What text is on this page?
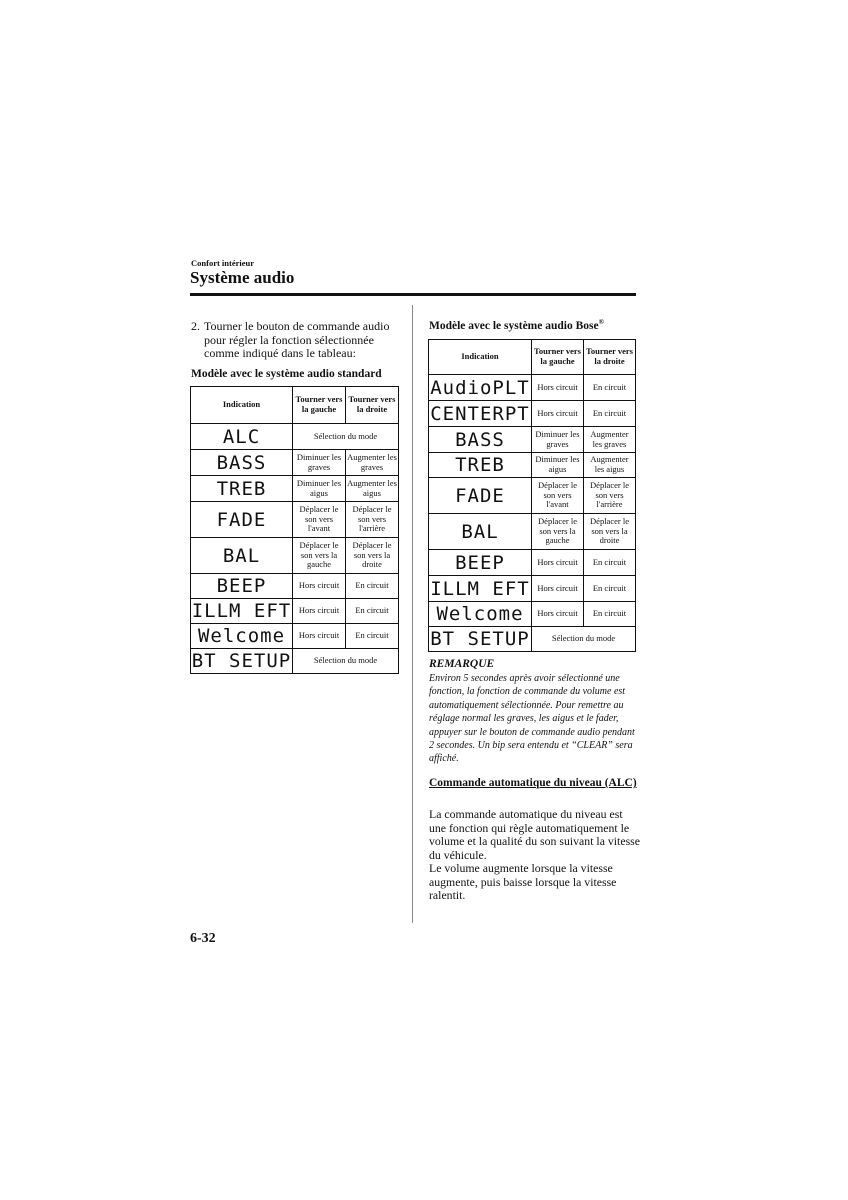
Confort intérieur
Système audio
2. Tourner le bouton de commande audio pour régler la fonction sélectionnée comme indiqué dans le tableau:
Modèle avec le système audio standard
Indication	Tourner vers la gauche	Tourner vers la droite
ALC	Sélection du mode	
BASS	Diminuer les graves	Augmenter les graves
TREB	Diminuer les aigus	Augmenter les aigus
FADE	Déplacer le son vers l'avant	Déplacer le son vers l'arrière
BAL	Déplacer le son vers la gauche	Déplacer le son vers la droite
BEEP	Hors circuit	En circuit
ILLM EFT	Hors circuit	En circuit
Welcome	Hors circuit	En circuit
BT SETUP	Sélection du mode	
Modèle avec le système audio Bose®
Indication	Tourner vers la gauche	Tourner vers la droite
AudioPLT	Hors circuit	En circuit
CENTERPT	Hors circuit	En circuit
BASS	Diminuer les graves	Augmenter les graves
TREB	Diminuer les aigus	Augmenter les aigus
FADE	Déplacer le son vers l'avant	Déplacer le son vers l'arrière
BAL	Déplacer le son vers la gauche	Déplacer le son vers la droite
BEEP	Hors circuit	En circuit
ILLM EFT	Hors circuit	En circuit
Welcome	Hors circuit	En circuit
BT SETUP	Sélection du mode	
REMARQUE

Environ 5 secondes après avoir sélectionné une fonction, la fonction de commande du volume est automatiquement sélectionnée. Pour remettre au réglage normal les graves, les aigus et le fader, appuyer sur le bouton de commande audio pendant 2 secondes. Un bip sera entendu et “CLEAR” sera affiché.

Commande automatique du niveau (ALC)

La commande automatique du niveau est une fonction qui règle automatiquement le volume et la qualité du son suivant la vitesse du véhicule.

Le volume augmente lorsque la vitesse augmente, puis baisse lorsque la vitesse ralentit.

6-32
